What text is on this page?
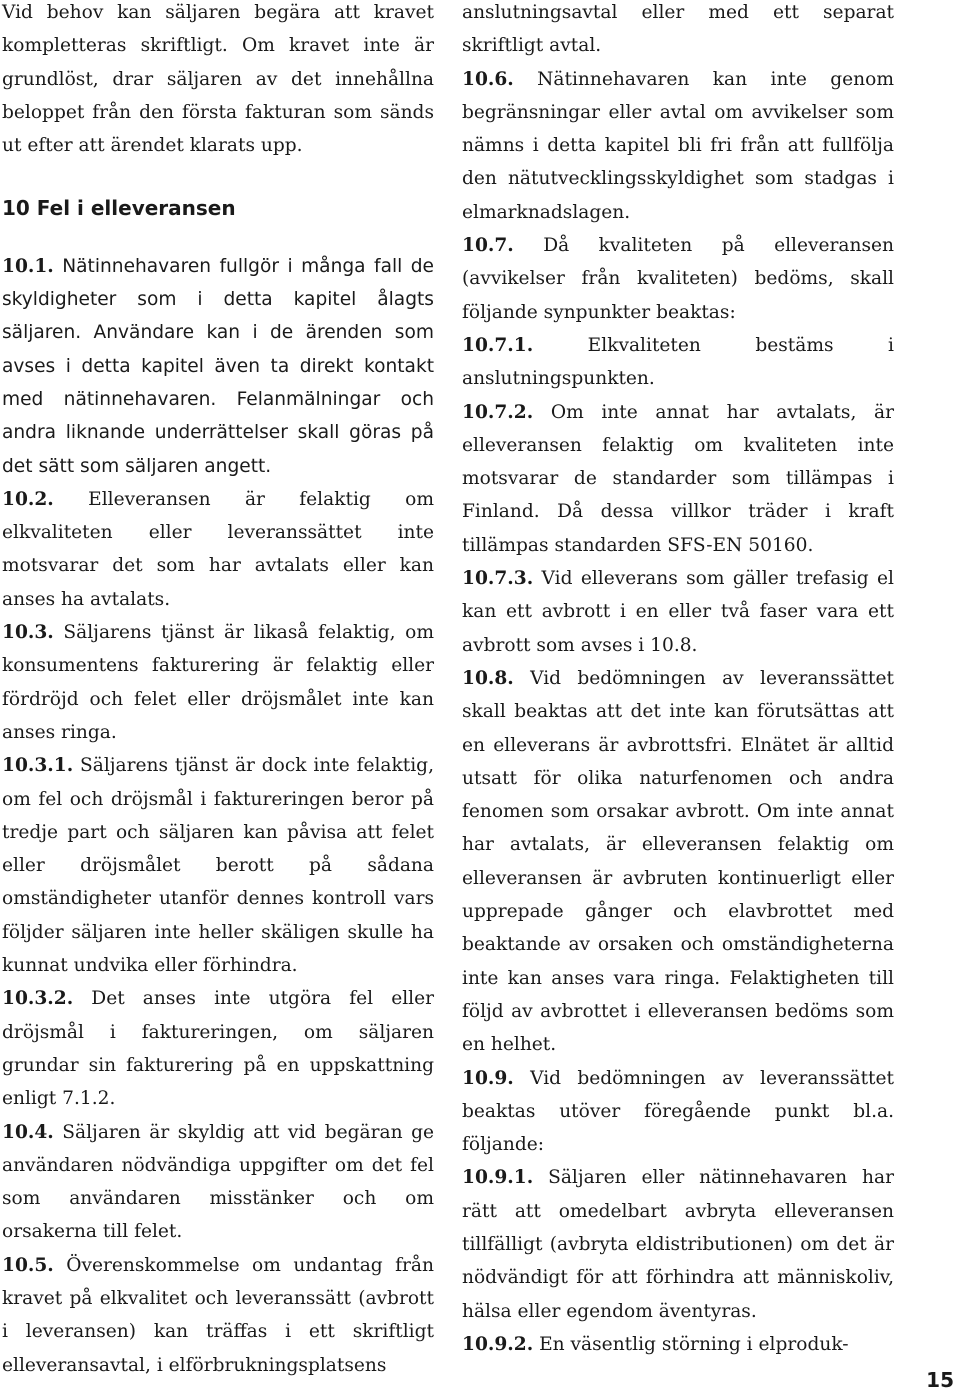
Vid behov kan säljaren begära att kravet kompletteras skriftligt. Om kravet inte är grundlöst, drar säljaren av det innehållna beloppet från den första fakturan som sänds ut efter att ärendet klarats upp.

10 Fel i elleveransen

10.1. Nätinnehavaren fullgör i många fall de skyldigheter som i detta kapitel ålagts säljaren. Användare kan i de ärenden som avses i detta kapitel även ta direkt kontakt med nätinnehavaren. Felanmälningar och andra liknande underrättelser skall göras på det sätt som säljaren angett.

10.2. Elleveransen är felaktig om elkvaliteten eller leveranssättet inte motsvarar det som har avtalats eller kan anses ha avtalats.

10.3. Säljarens tjänst är likaså felaktig, om konsumentens fakturering är felaktig eller fördröjd och felet eller dröjsmålet inte kan anses ringa.

10.3.1. Säljarens tjänst är dock inte felaktig, om fel och dröjsmål i faktureringen beror på tredje part och säljaren kan påvisa att felet eller dröjsmålet berott på sådana omständigheter utanför dennes kontroll vars följder säljaren inte heller skäligen skulle ha kunnat undvika eller förhindra.

10.3.2. Det anses inte utgöra fel eller dröjsmål i faktureringen, om säljaren grundar sin fakturering på en uppskattning enligt 7.1.2.

10.4. Säljaren är skyldig att vid begäran ge användaren nödvändiga uppgifter om det fel som användaren misstänker och om orsakerna till felet.

10.5. Överenskommelse om undantag från kravet på elkvalitet och leveranssätt (avbrott i leveransen) kan träffas i ett skriftligt elleveransavtal, i elförbrukningsplatsens

anslutningsavtal eller med ett separat skriftligt avtal.

10.6. Nätinnehavaren kan inte genom begränsningar eller avtal om avvikelser som nämns i detta kapitel bli fri från att fullfölja den nätutvecklingsskyldighet som stadgas i elmarknadslagen.

10.7. Då kvaliteten på elleveransen (avvikelser från kvaliteten) bedöms, skall följande synpunkter beaktas:

10.7.1.	Elkvaliteten bestäms i anslutningspunkten.

10.7.2. Om inte annat har avtalats, är elleveransen felaktig om kvaliteten inte motsvarar de standarder som tillämpas i Finland. Då dessa villkor träder i kraft tillämpas standarden SFS-EN 50160.

10.7.3. Vid elleverans som gäller trefasig el kan ett avbrott i en eller två faser vara ett avbrott som avses i 10.8.

10.8. Vid bedömningen av leveranssättet skall beaktas att det inte kan förutsättas att en elleverans är avbrottsfri. Elnätet är alltid utsatt för olika naturfenomen och andra fenomen som orsakar avbrott. Om inte annat har avtalats, är elleveransen felaktig om elleveransen är avbruten kontinuerligt eller upprepade gånger och elavbrottet med beaktande av orsaken och omständigheterna inte kan anses vara ringa. Felaktigheten till följd av avbrottet i elleveransen bedöms som en helhet.

10.9. Vid bedömningen av leveranssättet beaktas utöver föregående punkt bl.a. följande:

10.9.1. Säljaren eller nätinnehavaren har rätt att omedelbart avbryta elleveransen tillfälligt (avbryta eldistributionen) om det är nödvändigt för att förhindra att människoliv, hälsa eller egendom äventyras.

10.9.2. En väsentlig störning i elproduk-

15
